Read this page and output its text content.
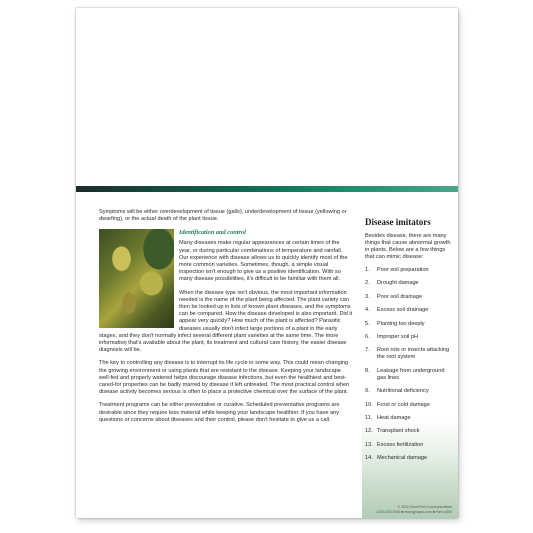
Symptoms will be either overdevelopment of tissue (galls), underdevelopment of tissue (yellowing or dwarfing), or the actual death of the plant tissue.

Identification and control

Many diseases make regular appearances at certain times of the year, or during particular combinations of temperature and rainfall. Our experience with disease allows us to quickly identify most of the more common varieties. Sometimes, though, a simple visual inspection isn't enough to give us a positive identification. With so many disease possibilities, it's difficult to be familiar with them all.

When the disease type isn't obvious, the most important information needed is the name of the plant being affected. The plant variety can then be looked up in lists of known plant diseases, and the symptoms can be compared. How the disease developed is also important. Did it appear very quickly? How much of the plant is affected? Parasitic diseases usually don't infect large portions of a plant in the early stages, and they don't normally infect several different plant varieties at the same time. The more information that's available about the plant, its treatment and cultural care history, the easier disease diagnosis will be.

The key to controlling any disease is to interrupt its life cycle in some way. This could mean changing the growing environment or using plants that are resistant to the disease. Keeping your landscape well-fed and properly watered helps discourage disease infections, but even the healthiest and best-cared-for properties can be badly marred by disease if left untreated. The most practical control when disease activity becomes serious is often to place a protective chemical over the surface of the plant.

Treatment programs can be either preventative or curative. Scheduled preventative programs are desirable since they require less material while keeping your landscape healthier. If you have any questions or concerns about diseases and their control, please don't hesitate to give us a call.

Disease imitators
Besides disease, there are many things that cause abnormal growth in plants. Below are a few things that can mimic disease:
1.	Poor soil preparation
2.	Drought damage
3.	Poor soil drainage
4.	Excess soil drainage
5.	Planting too deeply
6.	Improper soil pH
7.	Root rots or insects attacking the root system
8.	Leakage from underground gas lines
9.	Nutritional deficiency
10. Frost or cold damage
11. Heat damage
12. Transplant shock
13. Excess fertilization
14. Mechanical damage
© 2000 Good Print Communications
1-800-525-9000 ■ www.gpcspro.com ■ Form #250
